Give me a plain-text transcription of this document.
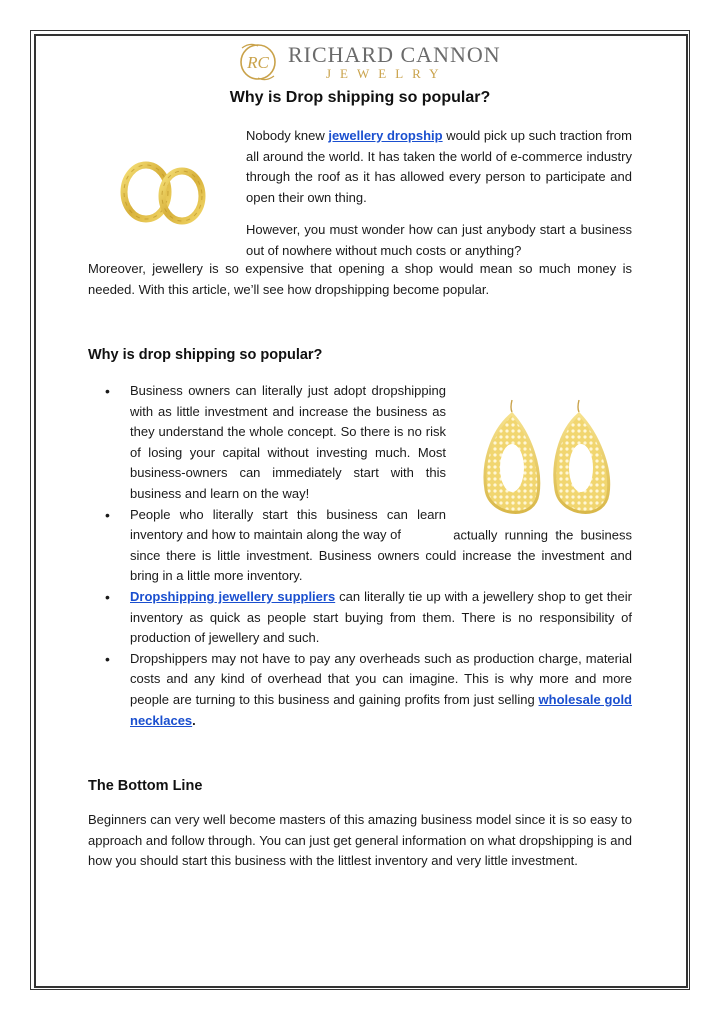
RC RICHARD CANNON
JEWELRY
Why is Drop shipping so popular?

Nobody knew jewellery dropship would pick up such traction from all around the world. It has taken the world of e-commerce industry through the roof as it has allowed every person to participate and open their own thing.

However, you must wonder how can just anybody start a business out of nowhere without much costs or anything?

Moreover, jewellery is so expensive that opening a shop would mean so much money is needed. With this article, we’ll see how dropshipping become popular.

Why is drop shipping so popular?
• Business owners can literally just adopt dropshipping with as little investment and increase the business as they understand the whole concept. So there is no risk of losing your capital without investing much. Most business-owners can immediately start with this business and learn on the way!
• People who literally start this business can learn inventory and how to maintain along the way of	actually running the business since there is little investment. Business owners could increase the investment and bring in a little more inventory.
• Dropshipping jewellery suppliers can literally tie up with a jewellery shop to get their inventory as quick as people start buying from them. There is no responsibility of production of jewellery and such.
• Dropshippers may not have to pay any overheads such as production charge, material costs and any kind of overhead that you can imagine. This is why more and more people are turning to this business and gaining profits from just selling wholesale gold necklaces.
The Bottom Line

Beginners can very well become masters of this amazing business model since it is so easy to approach and follow through. You can just get general information on what dropshipping is and how you should start this business with the littlest inventory and very little investment.
